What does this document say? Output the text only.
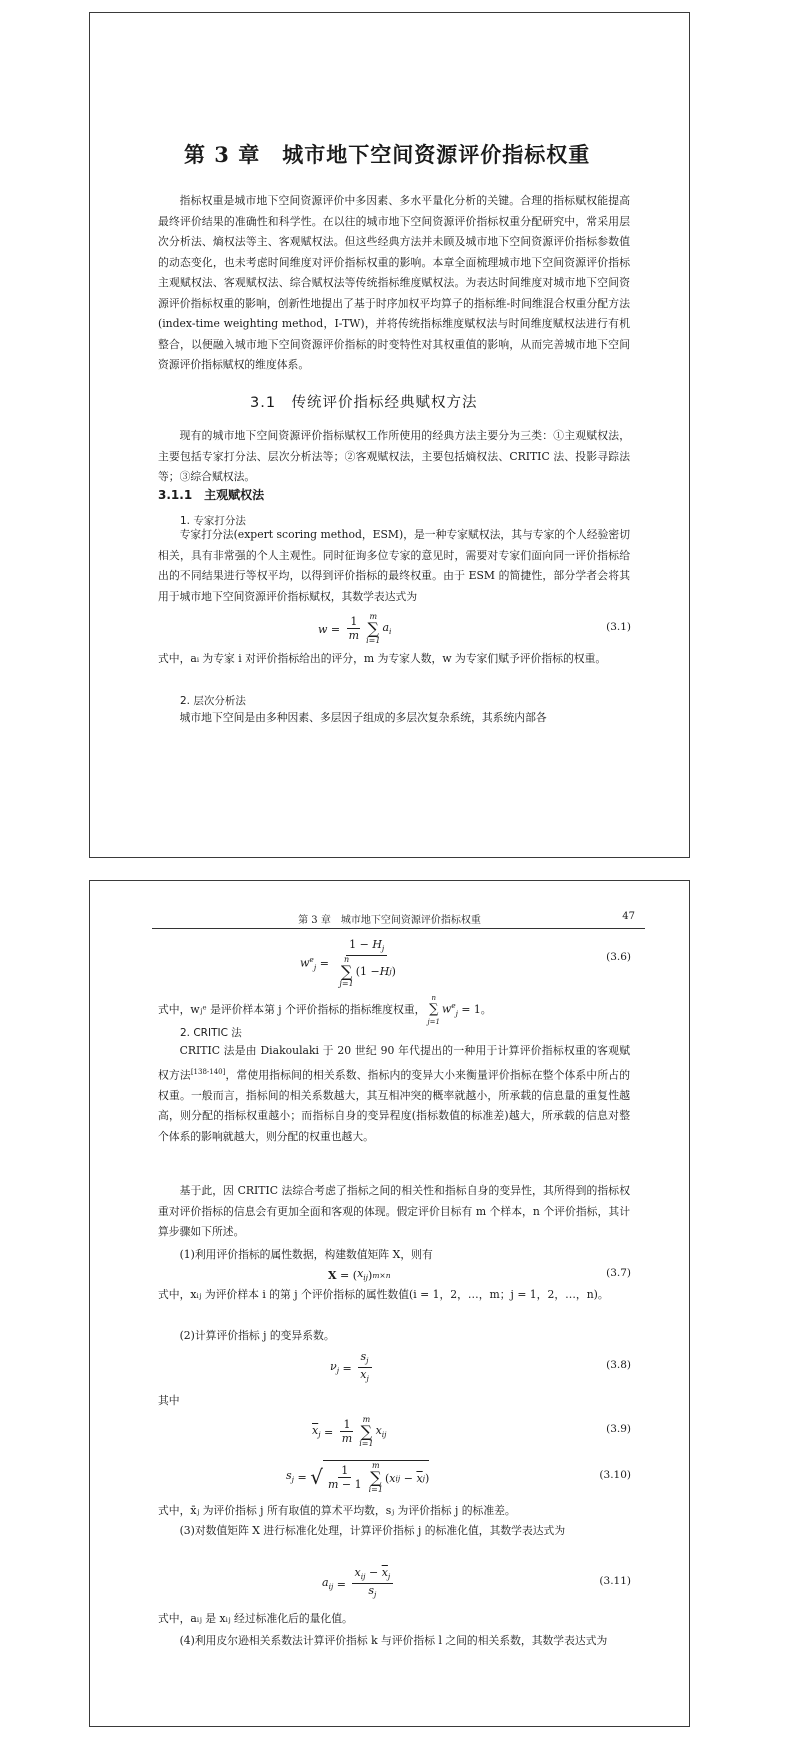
第 3 章　城市地下空间资源评价指标权重
指标权重是城市地下空间资源评价中多因素、多水平量化分析的关键。合理的指标赋权能提高最终评价结果的准确性和科学性。在以往的城市地下空间资源评价指标权重分配研究中，常采用层次分析法、熵权法等主、客观赋权法。但这些经典方法并未顾及城市地下空间资源评价指标参数值的动态变化，也未考虑时间维度对评价指标权重的影响。本章全面梳理城市地下空间资源评价指标主观赋权法、客观赋权法、综合赋权法等传统指标维度赋权法。为表达时间维度对城市地下空间资源评价指标权重的影响，创新性地提出了基于时序加权平均算子的指标维-时间维混合权重分配方法(index-time weighting method，I-TW)，并将传统指标维度赋权法与时间维度赋权法进行有机整合，以便融入城市地下空间资源评价指标的时变特性对其权重值的影响，从而完善城市地下空间资源评价指标赋权的维度体系。
3.1　传统评价指标经典赋权方法
现有的城市地下空间资源评价指标赋权工作所使用的经典方法主要分为三类：①主观赋权法，主要包括专家打分法、层次分析法等；②客观赋权法，主要包括熵权法、CRITIC 法、投影寻踪法等；③综合赋权法。
3.1.1　主观赋权法
1. 专家打分法
专家打分法(expert scoring method，ESM)，是一种专家赋权法，其与专家的个人经验密切相关，具有非常强的个人主观性。同时征询多位专家的意见时，需要对专家们面向同一评价指标给出的不同结果进行等权平均，以得到评价指标的最终权重。由于 ESM 的简捷性，部分学者会将其用于城市地下空间资源评价指标赋权，其数学表达式为
$w = \frac{1}{m}$ m
∑
i=1
$a_i$	(3.1)
式中，aᵢ 为专家 i 对评价指标给出的评分，m 为专家人数，w 为专家们赋予评价指标的权重。
2. 层次分析法
城市地下空间是由多种因素、多层因子组成的多层次复杂系统，其系统内部各
第 3 章　城市地下空间资源评价指标权重	47
$w^e_j = 1 - H_j$
n
∑
j=1
(1 − H j )	(3.6)
式中，wⱼᵉ 是评价样本第 j 个评价指标的指标维度权重，
n
∑
j=1
$w^e_j$
= 1。
2. CRITIC 法
CRITIC 法是由 Diakoulaki 于 20 世纪 90 年代提出的一种用于计算评价指标权重的客观赋权方法[138-140]，常使用指标间的相关系数、指标内的变异大小来衡量评价指标在整个体系中所占的权重。一般而言，指标间的相关系数越大，其互相冲突的概率就越小，所承载的信息量的重复性越高，则分配的指标权重越小；而指标自身的变异程度(指标数值的标准差)越大，所承载的信息对整个体系的影响就越大，则分配的权重也越大。
基于此，因 CRITIC 法综合考虑了指标之间的相关性和指标自身的变异性，其所得到的指标权重对评价指标的信息会有更加全面和客观的体现。假定评价目标有 m 个样本，n 个评价指标，其计算步骤如下所述。
(1)利用评价指标的属性数据，构建数值矩阵 X，则有
X = ( $x_{ij}$ ) m×n	(3.7)
式中，xᵢⱼ 为评价样本 i 的第 j 个评价指标的属性数值(i = 1，2，…，m；j = 1，2，…，n)。
(2)计算评价指标 j 的变异系数。
$\nu_j = \frac{s_j}{\overline{x}_j}$	(3.8)
其中
$\overline{x}_j = \frac{1}{m}$ m
∑
i=1
$x_{ij}$
(3.9)
$s_j$ = √ $\frac{1}{m - 1}$ m
∑
i=1
( x ij − $\overline{x}$ j )	(3.10)
式中，x̄ⱼ 为评价指标 j 所有取值的算术平均数，sⱼ 为评价指标 j 的标准差。
(3)对数值矩阵 X 进行标准化处理，计算评价指标 j 的标准化值，其数学表达式为
$a_{ij} = \frac{x_{ij} - \overline{x}_j}{s_j}$	(3.11)
式中，aᵢⱼ 是 xᵢⱼ 经过标准化后的量化值。
(4)利用皮尔逊相关系数法计算评价指标 k 与评价指标 l 之间的相关系数，其数学表达式为
